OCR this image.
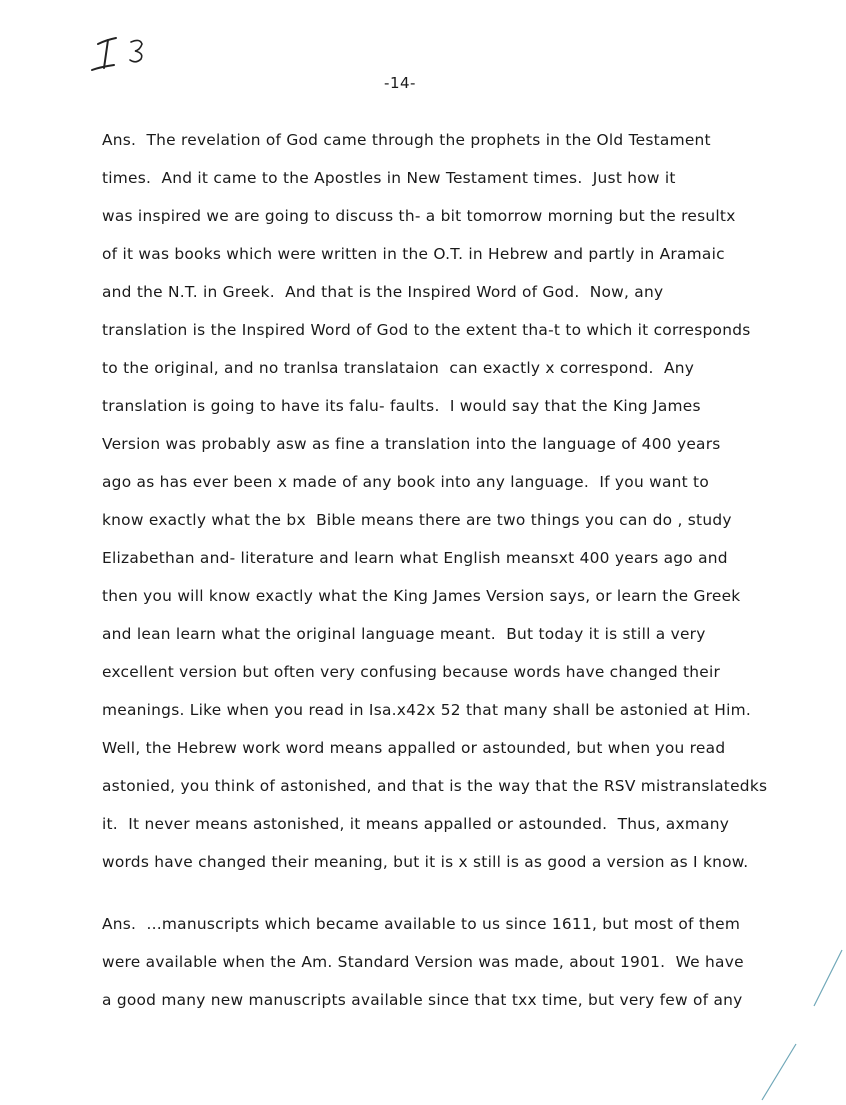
-14-
Ans.  The revelation of God came through the prophets in the Old Testament
times.  And it came to the Apostles in New Testament times.  Just how it
was inspired we are going to discuss th- a bit tomorrow morning but the resultx
of it was books which were written in the O.T. in Hebrew and partly in Aramaic
and the N.T. in Greek.  And that is the Inspired Word of God.  Now, any
translation is the Inspired Word of God to the extent tha-t to which it corresponds
to the original, and no tranlsa translataion  can exactly x correspond.  Any
translation is going to have its falu- faults.  I would say that the King James
Version was probably asw as fine a translation into the language of 400 years
ago as has ever been x made of any book into any language.  If you want to
know exactly what the bx  Bible means there are two things you can do , study
Elizabethan and- literature and learn what English meansxt 400 years ago and
then you will know exactly what the King James Version says, or learn the Greek
and lean learn what the original language meant.  But today it is still a very
excellent version but often very confusing because words have changed their
meanings. Like when you read in Isa.x42x 52 that many shall be astonied at Him.
Well, the Hebrew work word means appalled or astounded, but when you read
astonied, you think of astonished, and that is the way that the RSV mistranslatedks
it.  It never means astonished, it means appalled or astounded.  Thus, axmany
words have changed their meaning, but it is x still is as good a version as I know.
Ans.  ...manuscripts which became available to us since 1611, but most of them
were available when the Am. Standard Version was made, about 1901.  We have
a good many new manuscripts available since that txx time, but very few of any
